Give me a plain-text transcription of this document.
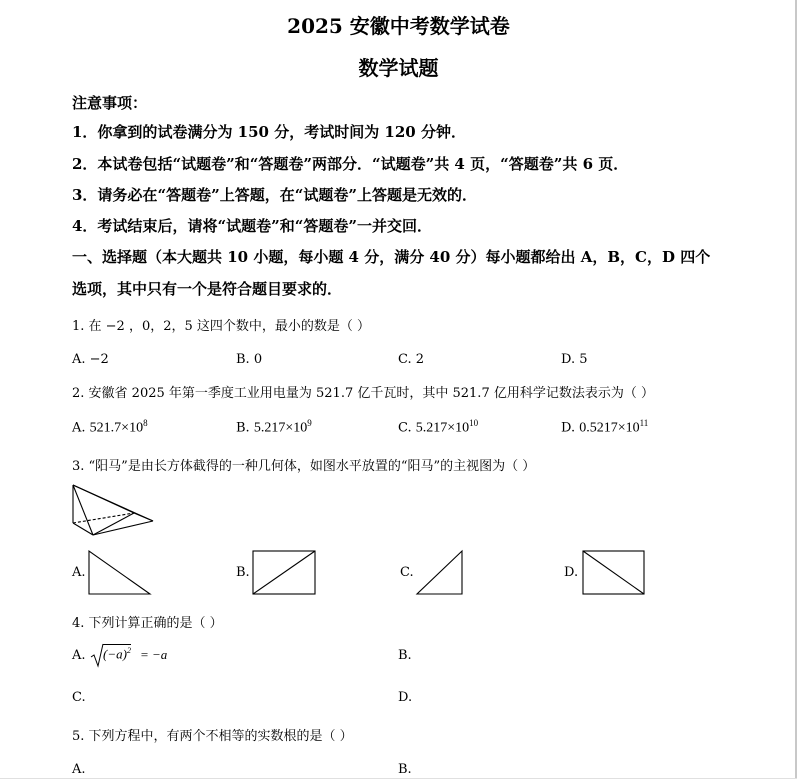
2025 安徽中考数学试卷
数学试题
注意事项：
1．你拿到的试卷满分为 150 分，考试时间为 120 分钟．
2．本试卷包括“试题卷”和“答题卷”两部分．“试题卷”共 4 页，“答题卷”共 6 页．
3．请务必在“答题卷”上答题，在“试题卷”上答题是无效的．
4．考试结束后，请将“试题卷”和“答题卷”一并交回．
一、选择题（本大题共 10 小题，每小题 4 分，满分 40 分）每小题都给出 A，B，C，D 四个
选项，其中只有一个是符合题目要求的．
1. 在 −2 ，0，2，5 这四个数中，最小的数是（ ）
A. −2	B. 0	C. 2	D. 5
2. 安徽省 2025 年第一季度工业用电量为 521.7 亿千瓦时，其中 521.7 亿用科学记数法表示为（ ）
A. $521.7\times 10^8$	B. $5.217\times 10^9$	C. $5.217\times 10^{10}$	D. $0.5217\times 10^{11}$
3. “阳马”是由长方体截得的一种几何体，如图水平放置的“阳马”的主视图为（ ）
A.	B.	C.	D.
4. 下列计算正确的是（ ）
A. $(-a)^2 = -a$	B.
C.	D.
5. 下列方程中，有两个不相等的实数根的是（ ）
A.	B.
